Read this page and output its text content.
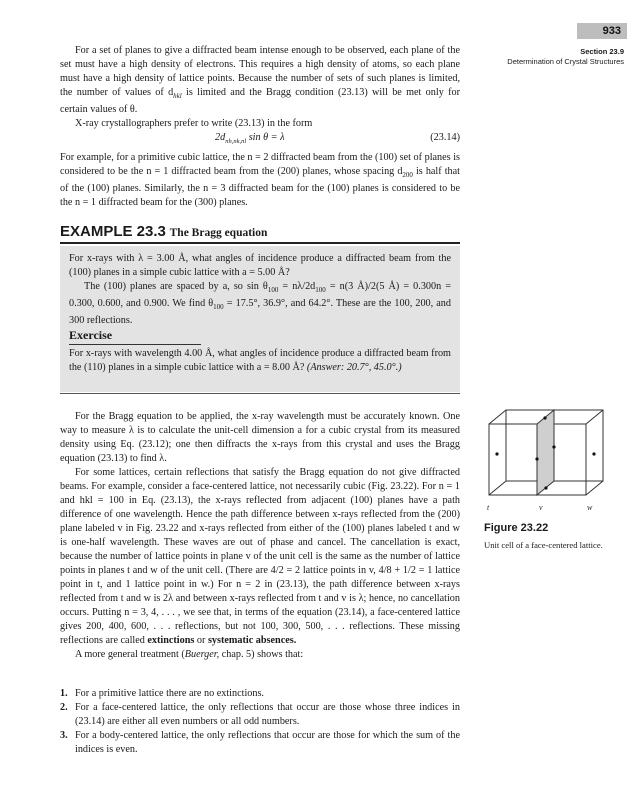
933
Section 23.9
Determination of Crystal Structures

For a set of planes to give a diffracted beam intense enough to be observed, each plane of the set must have a high density of electrons. This requires a high density of atoms, so each plane must have a high density of lattice points. Because the number of sets of such planes is limited, the number of values of $d_{hkl}$ is limited and the Bragg condition (23.13) will be met only for certain values of θ.

X-ray crystallographers prefer to write (23.13) in the form

$2d_{nh,nk,nl}$ sin θ = λ	(23.14)

For example, for a primitive cubic lattice, the n = 2 diffracted beam from the (100) set of planes is considered to be the n = 1 diffracted beam from the (200) planes, whose spacing $d_{200}$ is half that of the (100) planes. Similarly, the n = 3 diffracted beam for the (100) planes is considered to be the n = 1 diffracted beam for the (300) planes.

EXAMPLE 23.3 The Bragg equation

For x-rays with λ = 3.00 Å, what angles of incidence produce a diffracted beam from the (100) planes in a simple cubic lattice with a = 5.00 Å?

The (100) planes are spaced by a, so $\sin \theta_{100} = n\lambda/2d_{100} = n(3$ Å)/2(5 Å) = 0.300n = 0.300, 0.600, and 0.900. We find $\theta_{100} = 17.5^\circ$, 36.9°, and 64.2°. These are the 100, 200, and 300 reflections.

Exercise

For x-rays with wavelength 4.00 Å, what angles of incidence produce a diffracted beam from the (110) planes in a simple cubic lattice with a = 8.00 Å? (Answer: 20.7°, 45.0°.)

For the Bragg equation to be applied, the x-ray wavelength must be accurately known. One way to measure λ is to calculate the unit-cell dimension a for a cubic crystal from its measured density using Eq. (23.12); one then diffracts the x-rays from this crystal and uses the Bragg equation (23.13) to find λ.

For some lattices, certain reflections that satisfy the Bragg equation do not give diffracted beams. For example, consider a face-centered lattice, not necessarily cubic (Fig. 23.22). For n = 1 and hkl = 100 in Eq. (23.13), the x-rays reflected from adjacent (100) planes have a path difference of one wavelength. Hence the path difference between x-rays reflected from the (200) plane labeled v in Fig. 23.22 and x-rays reflected from either of the (100) planes labeled t and w is one-half wavelength. These waves are out of phase and cancel. The cancellation is exact, because the number of lattice points in plane v of the unit cell is the same as the number of lattice points in planes t and w of the unit cell. (There are 4/2 = 2 lattice points in v, 4/8 + 1/2 = 1 lattice point in t, and 1 lattice point in w.) For n = 2 in (23.13), the path difference between x-rays reflected from t and w is 2λ and between x-rays reflected from t and v is λ; hence, no cancellation occurs. Putting n = 3, 4, . . . , we see that, in terms of the equation (23.14), a face-centered lattice gives 200, 400, 600, . . . reflections, but not 100, 300, 500, . . . reflections. These missing reflections are called extinctions or systematic absences.

A more general treatment (Buerger, chap. 5) shows that:

1. For a primitive lattice there are no extinctions.
2. For a face-centered lattice, the only reflections that occur are those whose three indices in (23.14) are either all even numbers or all odd numbers.
3. For a body-centered lattice, the only reflections that occur are those for which the sum of the indices is even.
t	v	w
Figure 23.22
Unit cell of a face-centered lattice.
